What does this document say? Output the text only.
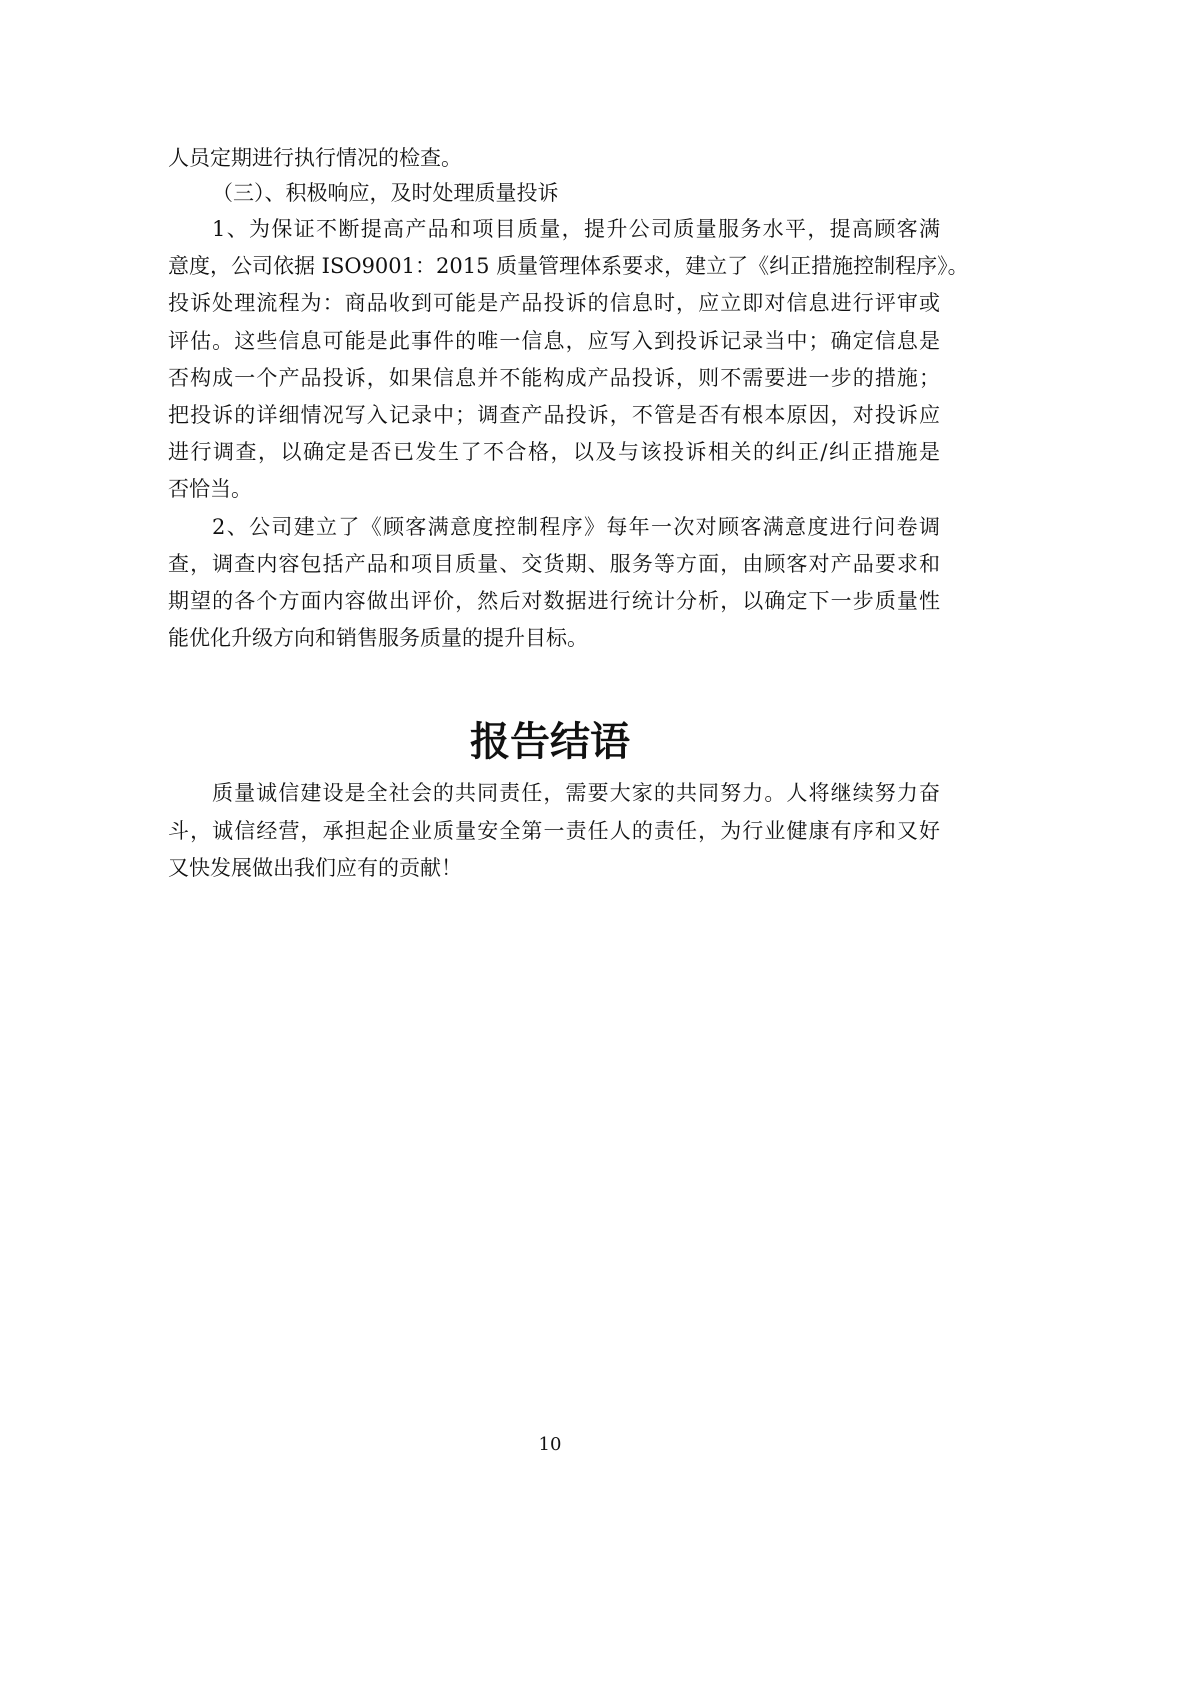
人员定期进行执行情况的检查。
（三）、积极响应，及时处理质量投诉
1、为保证不断提高产品和项目质量，提升公司质量服务水平，提高顾客满
意度，公司依据 ISO9001：2015 质量管理体系要求，建立了《纠正措施控制程序》。
投诉处理流程为：商品收到可能是产品投诉的信息时，应立即对信息进行评审或
评估。这些信息可能是此事件的唯一信息，应写入到投诉记录当中；确定信息是
否构成一个产品投诉，如果信息并不能构成产品投诉，则不需要进一步的措施；
把投诉的详细情况写入记录中；调查产品投诉，不管是否有根本原因，对投诉应
进行调查，以确定是否已发生了不合格，以及与该投诉相关的纠正/纠正措施是
否恰当。
2、公司建立了《顾客满意度控制程序》每年一次对顾客满意度进行问卷调
查，调查内容包括产品和项目质量、交货期、服务等方面，由顾客对产品要求和
期望的各个方面内容做出评价，然后对数据进行统计分析，以确定下一步质量性
能优化升级方向和销售服务质量的提升目标。
报告结语
质量诚信建设是全社会的共同责任，需要大家的共同努力。人将继续努力奋
斗，诚信经营，承担起企业质量安全第一责任人的责任，为行业健康有序和又好
又快发展做出我们应有的贡献！
10
